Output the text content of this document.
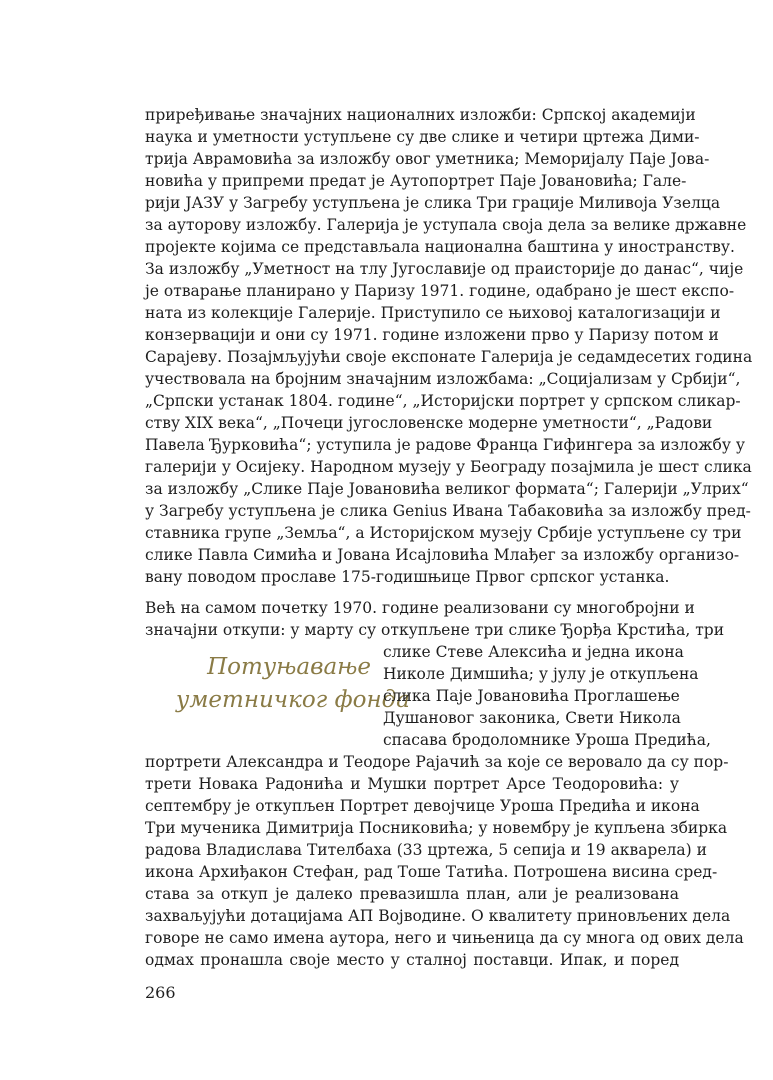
приређивање значајних националних изложби: Српској академији
наука и уметности уступљене су две слике и четири цртежа Дими-
трија Аврамовића за изложбу овог уметника; Меморијалу Паје Јова-
новића у припреми предат је Аутопортрет Паје Јовановића; Гале-
рији ЈАЗУ у Загребу уступљена је слика Три грације Миливоја Узелца
за ауторову изложбу. Галерија је уступала своја дела за велике државне
пројекте којима се представљала национална баштина у иностранству.
За изложбу „Уметност на тлу Југославије од праисторије до данас“, чије
је отварање планирано у Паризу 1971. године, одабрано је шест експо-
ната из колекције Галерије. Приступило се њиховој каталогизацији и
конзервацији и они су 1971. године изложени прво у Паризу потом и
Сарајеву. Позајмљујући своје експонате Галерија је седамдесетих година
учествовала на бројним значајним изложбама: „Социјализам у Србији“,
„Српски устанак 1804. године“, „Историјски портрет у српском сликар-
ству XIX века“, „Почеци југословенске модерне уметности“, „Радови
Павела Ђурковића“; уступила је радове Франца Гифингера за изложбу у
галерији у Осијеку. Народном музеју у Београду позајмила је шест слика
за изложбу „Слике Паје Јовановића великог формата“; Галерији „Улрих“
у Загребу уступљена је слика Genius Ивана Табаковића за изложбу пред-
ставника групе „Земља“, а Историјском музеју Србије уступљене су три
слике Павла Симића и Јована Исајловића Млађег за изложбу организо-
вану поводом прославе 175-годишњице Првог српског устанка.
Потуњавање
уметничког фонда
Већ на самом почетку 1970. године реализовани су многобројни и
значајни откупи: у марту су откупљене три слике Ђорђа Крстића, три
слике Стеве Алексића и једна икона
Николе Димшића; у јулу је откупљена
слика Паје Јовановића Проглашење
Душановог законика, Свети Никола
спасава бродоломнике Уроша Предића,
портрети Александра и Теодоре Рајачић за које се веровало да су пор-
трети Новака Радонића и Мушки портрет Арсе Теодоровића: у
септембру је откупљен Портрет девојчице Уроша Предића и икона
Три мученика Димитрија Посниковића; у новембру је купљена збирка
радова Владислава Тителбаха (33 цртежа, 5 сепија и 19 акварела) и
икона Архиђакон Стефан, рад Тоше Татића. Потрошена висина сред-
става за откуп је далеко превазишла план, али је реализована
захваљујући дотацијама АП Војводине. О квалитету приновљених дела
говоре не само имена аутора, него и чињеница да су многа од ових дела
одмах пронашла своје место у сталној поставци. Ипак, и поред
266
